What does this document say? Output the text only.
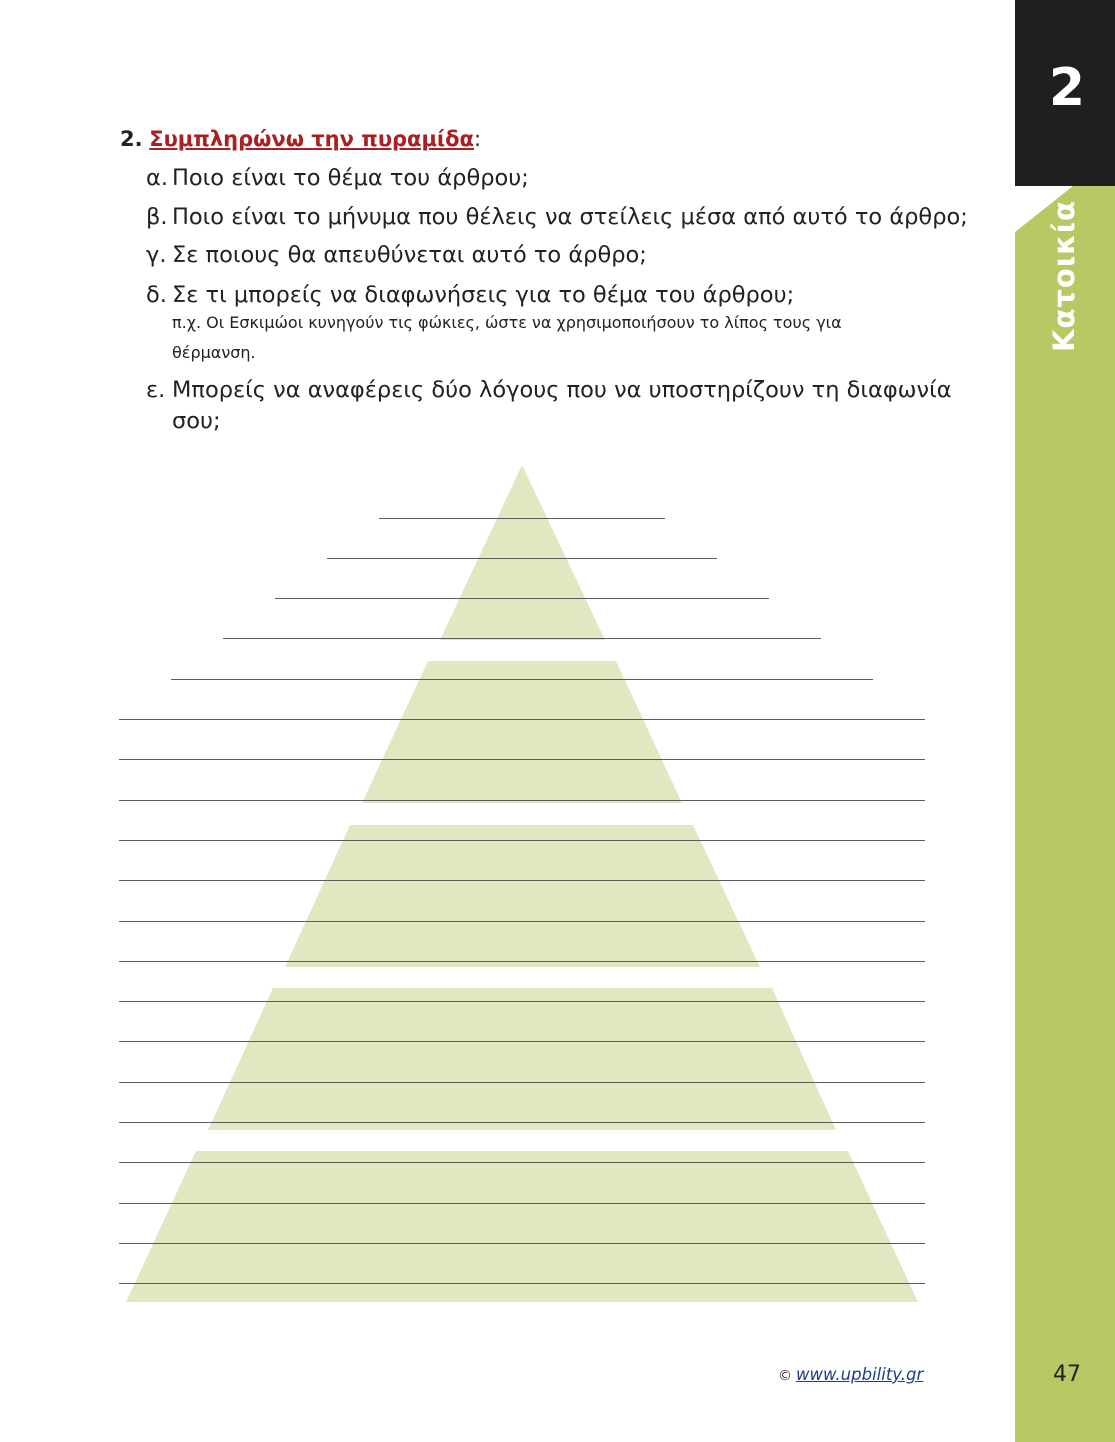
2
Κατοικία
47
2. Συμπληρώνω την πυραμίδα:
α. Ποιο είναι το θέμα του άρθρου;
β. Ποιο είναι το μήνυμα που θέλεις να στείλεις μέσα από αυτό το άρθρο;
γ. Σε ποιους θα απευθύνεται αυτό το άρθρο;
δ. Σε τι μπορείς να διαφωνήσεις για το θέμα του άρθρου;
π.χ. Οι Εσκιμώοι κυνηγούν τις φώκιες, ώστε να χρησιμοποιήσουν το λίπος τους για
θέρμανση.
ε. Μπορείς να αναφέρεις δύο λόγους που να υποστηρίζουν τη διαφωνία
σου;
© www.upbility.gr
